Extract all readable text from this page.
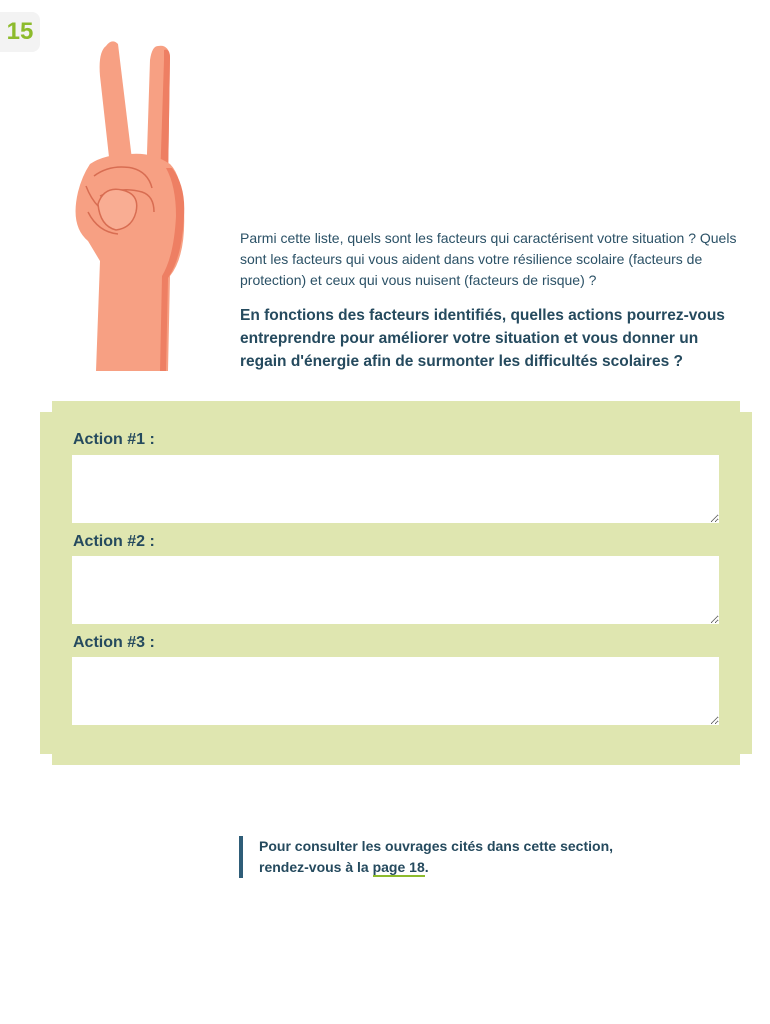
15

Parmi cette liste, quels sont les facteurs qui caractérisent votre situation ? Quels sont les facteurs qui vous aident dans votre résilience scolaire (facteurs de protection) et ceux qui vous nuisent (facteurs de risque) ?

En fonctions des facteurs identifiés, quelles actions pourrez-vous entreprendre pour améliorer votre situation et vous donner un regain d'énergie afin de surmonter les difficultés scolaires ?

Action #1 :

Action #2 :

Action #3 :

Pour consulter les ouvrages cités dans cette section,
rendez-vous à la page 18.
